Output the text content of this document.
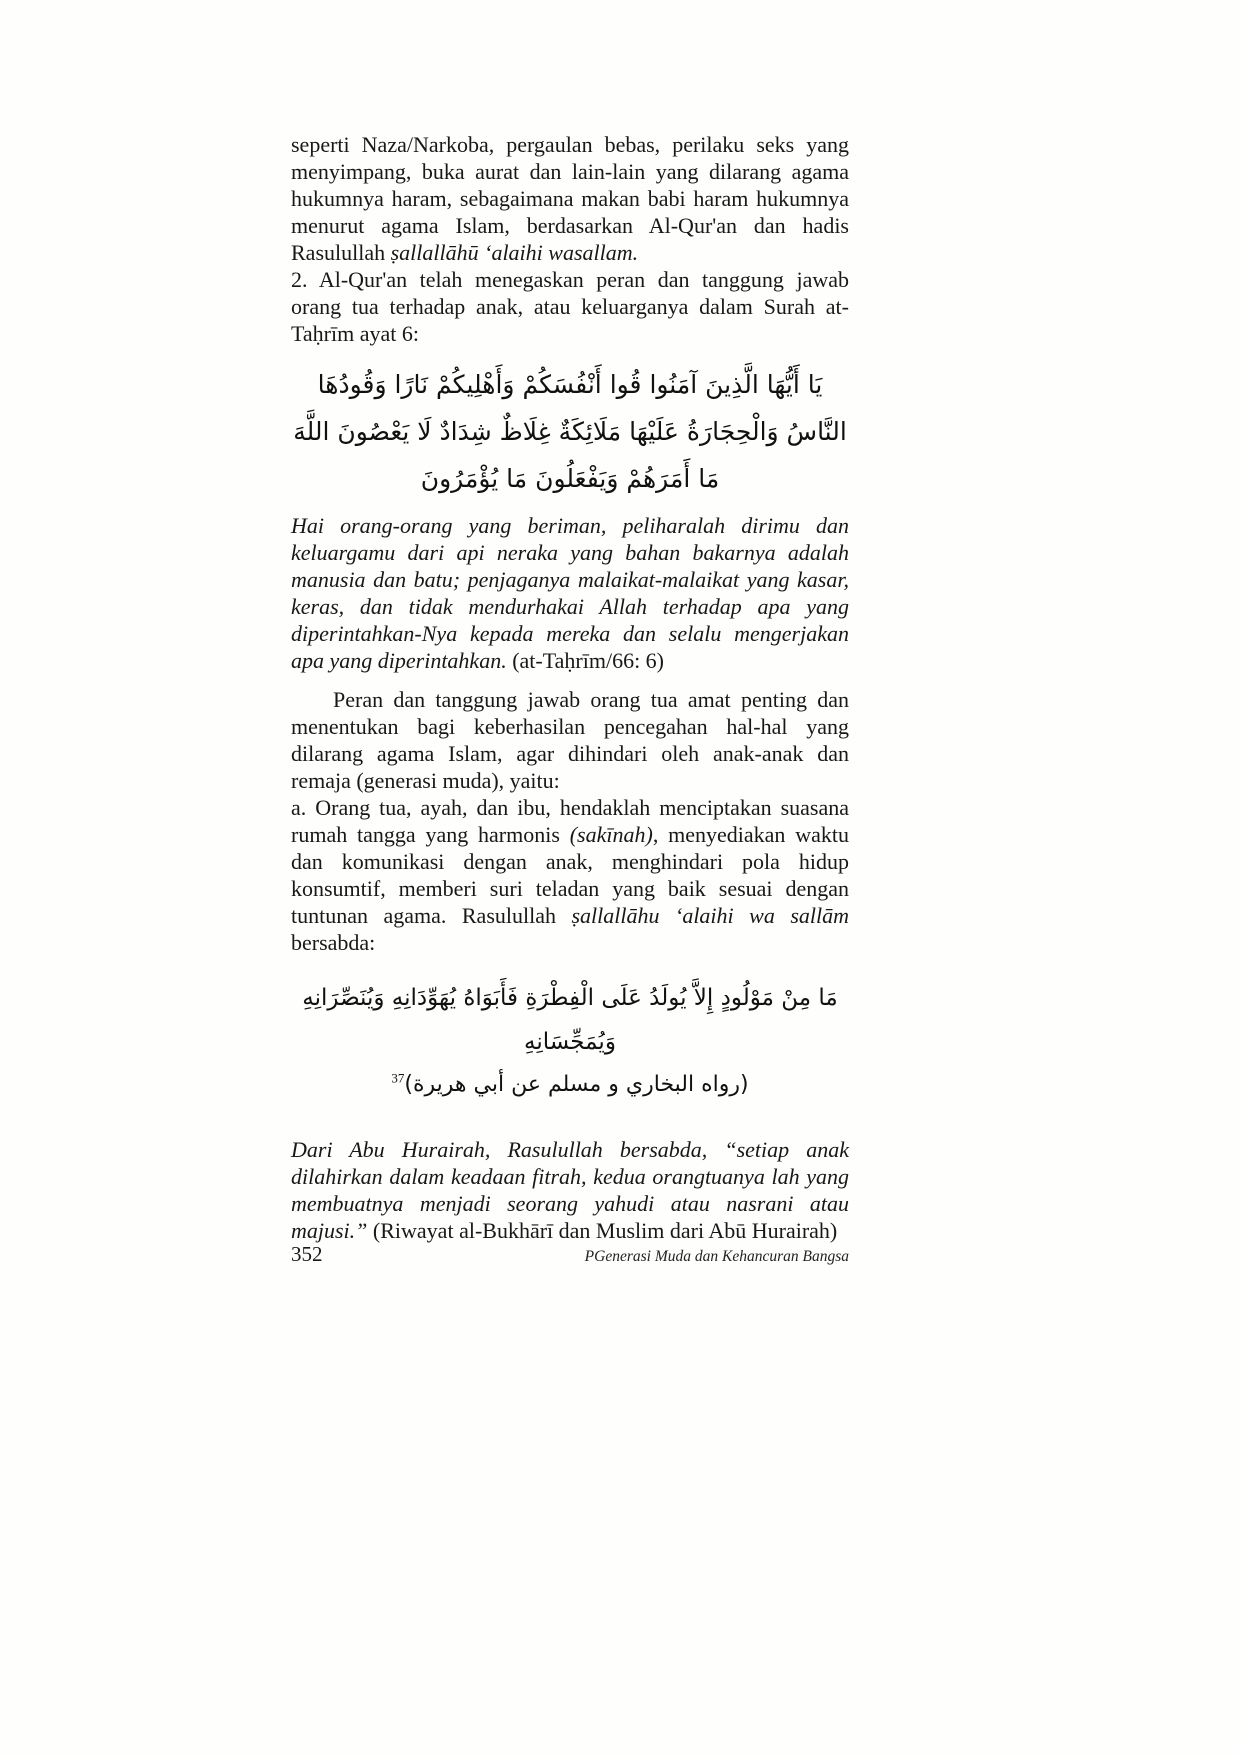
seperti Naza/Narkoba, pergaulan bebas, perilaku seks yang menyimpang, buka aurat dan lain-lain yang dilarang agama hukumnya haram, sebagaimana makan babi haram hukumnya menurut agama Islam, berdasarkan Al-Qur'an dan hadis Rasulullah ṣallallāhū ‘alaihi wasallam.

2. Al-Qur'an telah menegaskan peran dan tanggung jawab orang tua terhadap anak, atau keluarganya dalam Surah at-Taḥrīm ayat 6:

يَا أَيُّهَا الَّذِينَ آمَنُوا قُوا أَنْفُسَكُمْ وَأَهْلِيكُمْ نَارًا وَقُودُهَا النَّاسُ وَالْحِجَارَةُ عَلَيْهَا مَلَائِكَةٌ غِلَاظٌ شِدَادٌ لَا يَعْصُونَ اللَّهَ مَا أَمَرَهُمْ وَيَفْعَلُونَ مَا يُؤْمَرُونَ

Hai orang-orang yang beriman, peliharalah dirimu dan keluargamu dari api neraka yang bahan bakarnya adalah manusia dan batu; penjaganya malaikat-malaikat yang kasar, keras, dan tidak mendurhakai Allah terhadap apa yang diperintahkan-Nya kepada mereka dan selalu mengerjakan apa yang diperintahkan. (at-Taḥrīm/66: 6)

Peran dan tanggung jawab orang tua amat penting dan menentukan bagi keberhasilan pencegahan hal-hal yang dilarang agama Islam, agar dihindari oleh anak-anak dan remaja (generasi muda), yaitu:

a. Orang tua, ayah, dan ibu, hendaklah menciptakan suasana rumah tangga yang harmonis (sakīnah), menyediakan waktu dan komunikasi dengan anak, menghindari pola hidup konsumtif, memberi suri teladan yang baik sesuai dengan tuntunan agama. Rasulullah ṣallallāhu ‘alaihi wa sallām bersabda:

مَا مِنْ مَوْلُودٍ إِلاَّ يُولَدُ عَلَى الْفِطْرَةِ فَأَبَوَاهُ يُهَوِّدَانِهِ وَيُنَصِّرَانِهِ وَيُمَجِّسَانِهِ
(رواه البخاري و مسلم عن أبي هريرة)$^{37}$

Dari Abu Hurairah, Rasulullah bersabda, “setiap anak dilahirkan dalam keadaan fitrah, kedua orangtuanya lah yang membuatnya menjadi seorang yahudi atau nasrani atau majusi.” (Riwayat al-Bukhārī dan Muslim dari Abū Hurairah)

352	PGenerasi Muda dan Kehancuran Bangsa
